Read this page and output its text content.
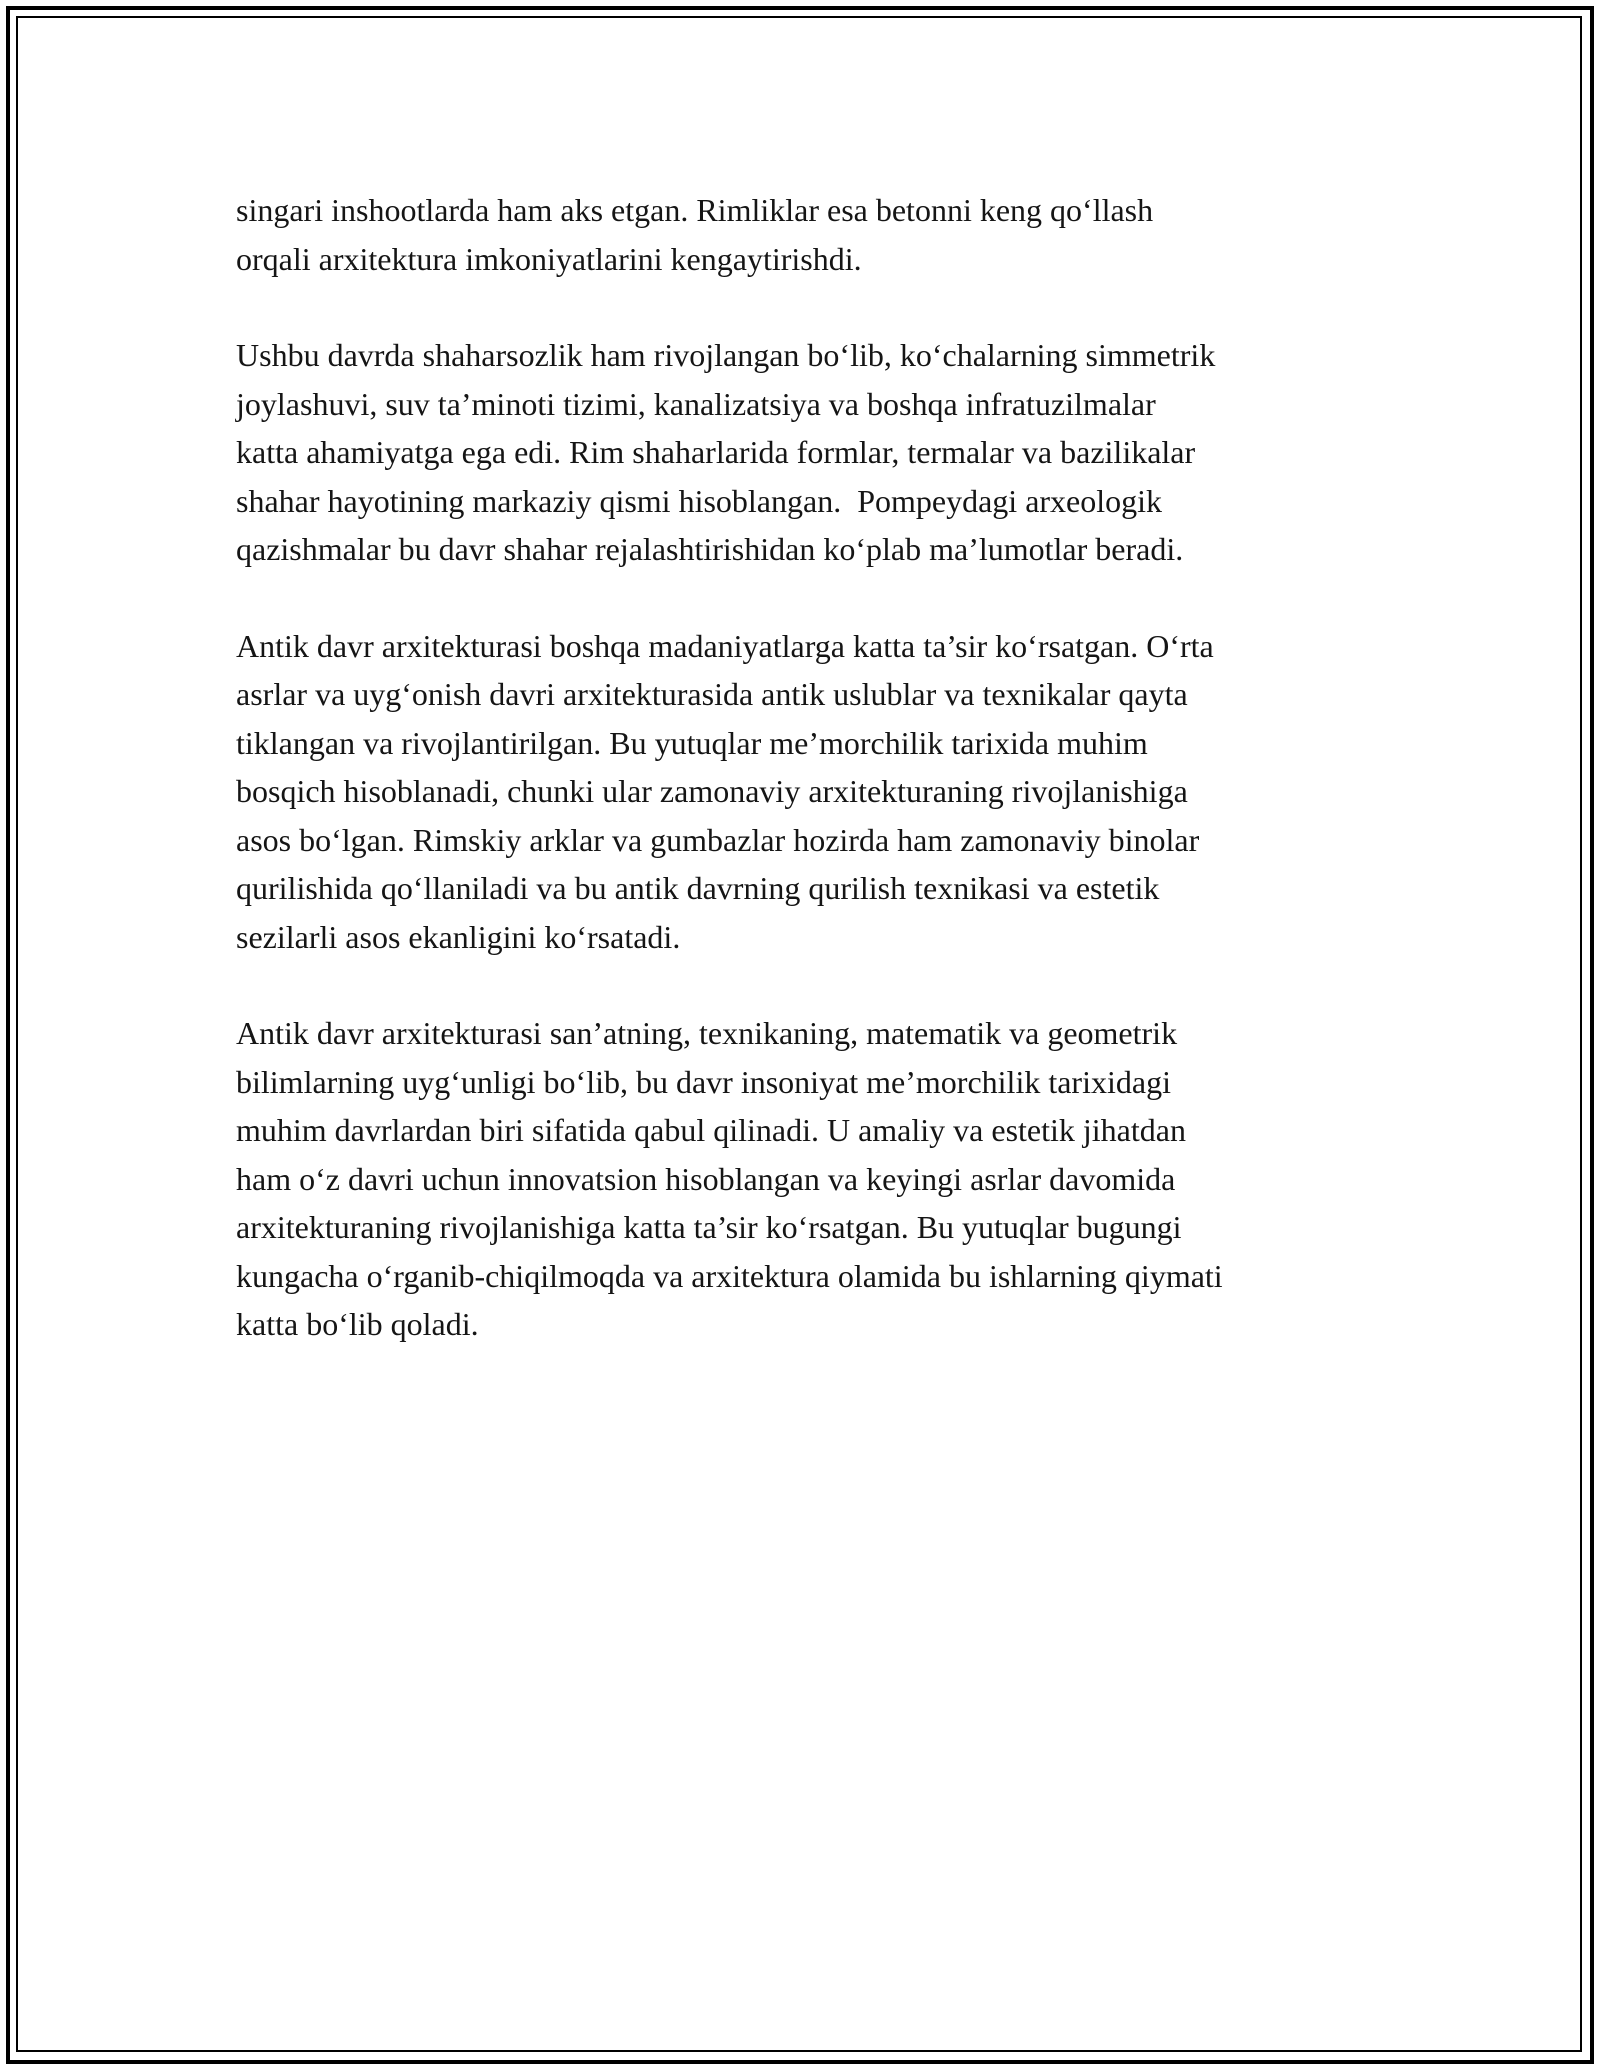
singari inshootlarda ham aks etgan. Rimliklar esa betonni keng qo‘llash
orqali arxitektura imkoniyatlarini kengaytirishdi.
Ushbu davrda shaharsozlik ham rivojlangan bo‘lib, ko‘chalarning simmetrik
joylashuvi, suv ta’minoti tizimi, kanalizatsiya va boshqa infratuzilmalar
katta ahamiyatga ega edi. Rim shaharlarida formlar, termalar va bazilikalar
shahar hayotining markaziy qismi hisoblangan.  Pompeydagi arxeologik
qazishmalar bu davr shahar rejalashtirishidan ko‘plab ma’lumotlar beradi.
Antik davr arxitekturasi boshqa madaniyatlarga katta ta’sir ko‘rsatgan. O‘rta
asrlar va uyg‘onish davri arxitekturasida antik uslublar va texnikalar qayta
tiklangan va rivojlantirilgan. Bu yutuqlar me’morchilik tarixida muhim
bosqich hisoblanadi, chunki ular zamonaviy arxitekturaning rivojlanishiga
asos bo‘lgan. Rimskiy arklar va gumbazlar hozirda ham zamonaviy binolar
qurilishida qo‘llaniladi va bu antik davrning qurilish texnikasi va estetik
sezilarli asos ekanligini ko‘rsatadi.
Antik davr arxitekturasi san’atning, texnikaning, matematik va geometrik
bilimlarning uyg‘unligi bo‘lib, bu davr insoniyat me’morchilik tarixidagi
muhim davrlardan biri sifatida qabul qilinadi. U amaliy va estetik jihatdan
ham o‘z davri uchun innovatsion hisoblangan va keyingi asrlar davomida
arxitekturaning rivojlanishiga katta ta’sir ko‘rsatgan. Bu yutuqlar bugungi
kungacha o‘rganib-chiqilmoqda va arxitektura olamida bu ishlarning qiymati
katta bo‘lib qoladi.
